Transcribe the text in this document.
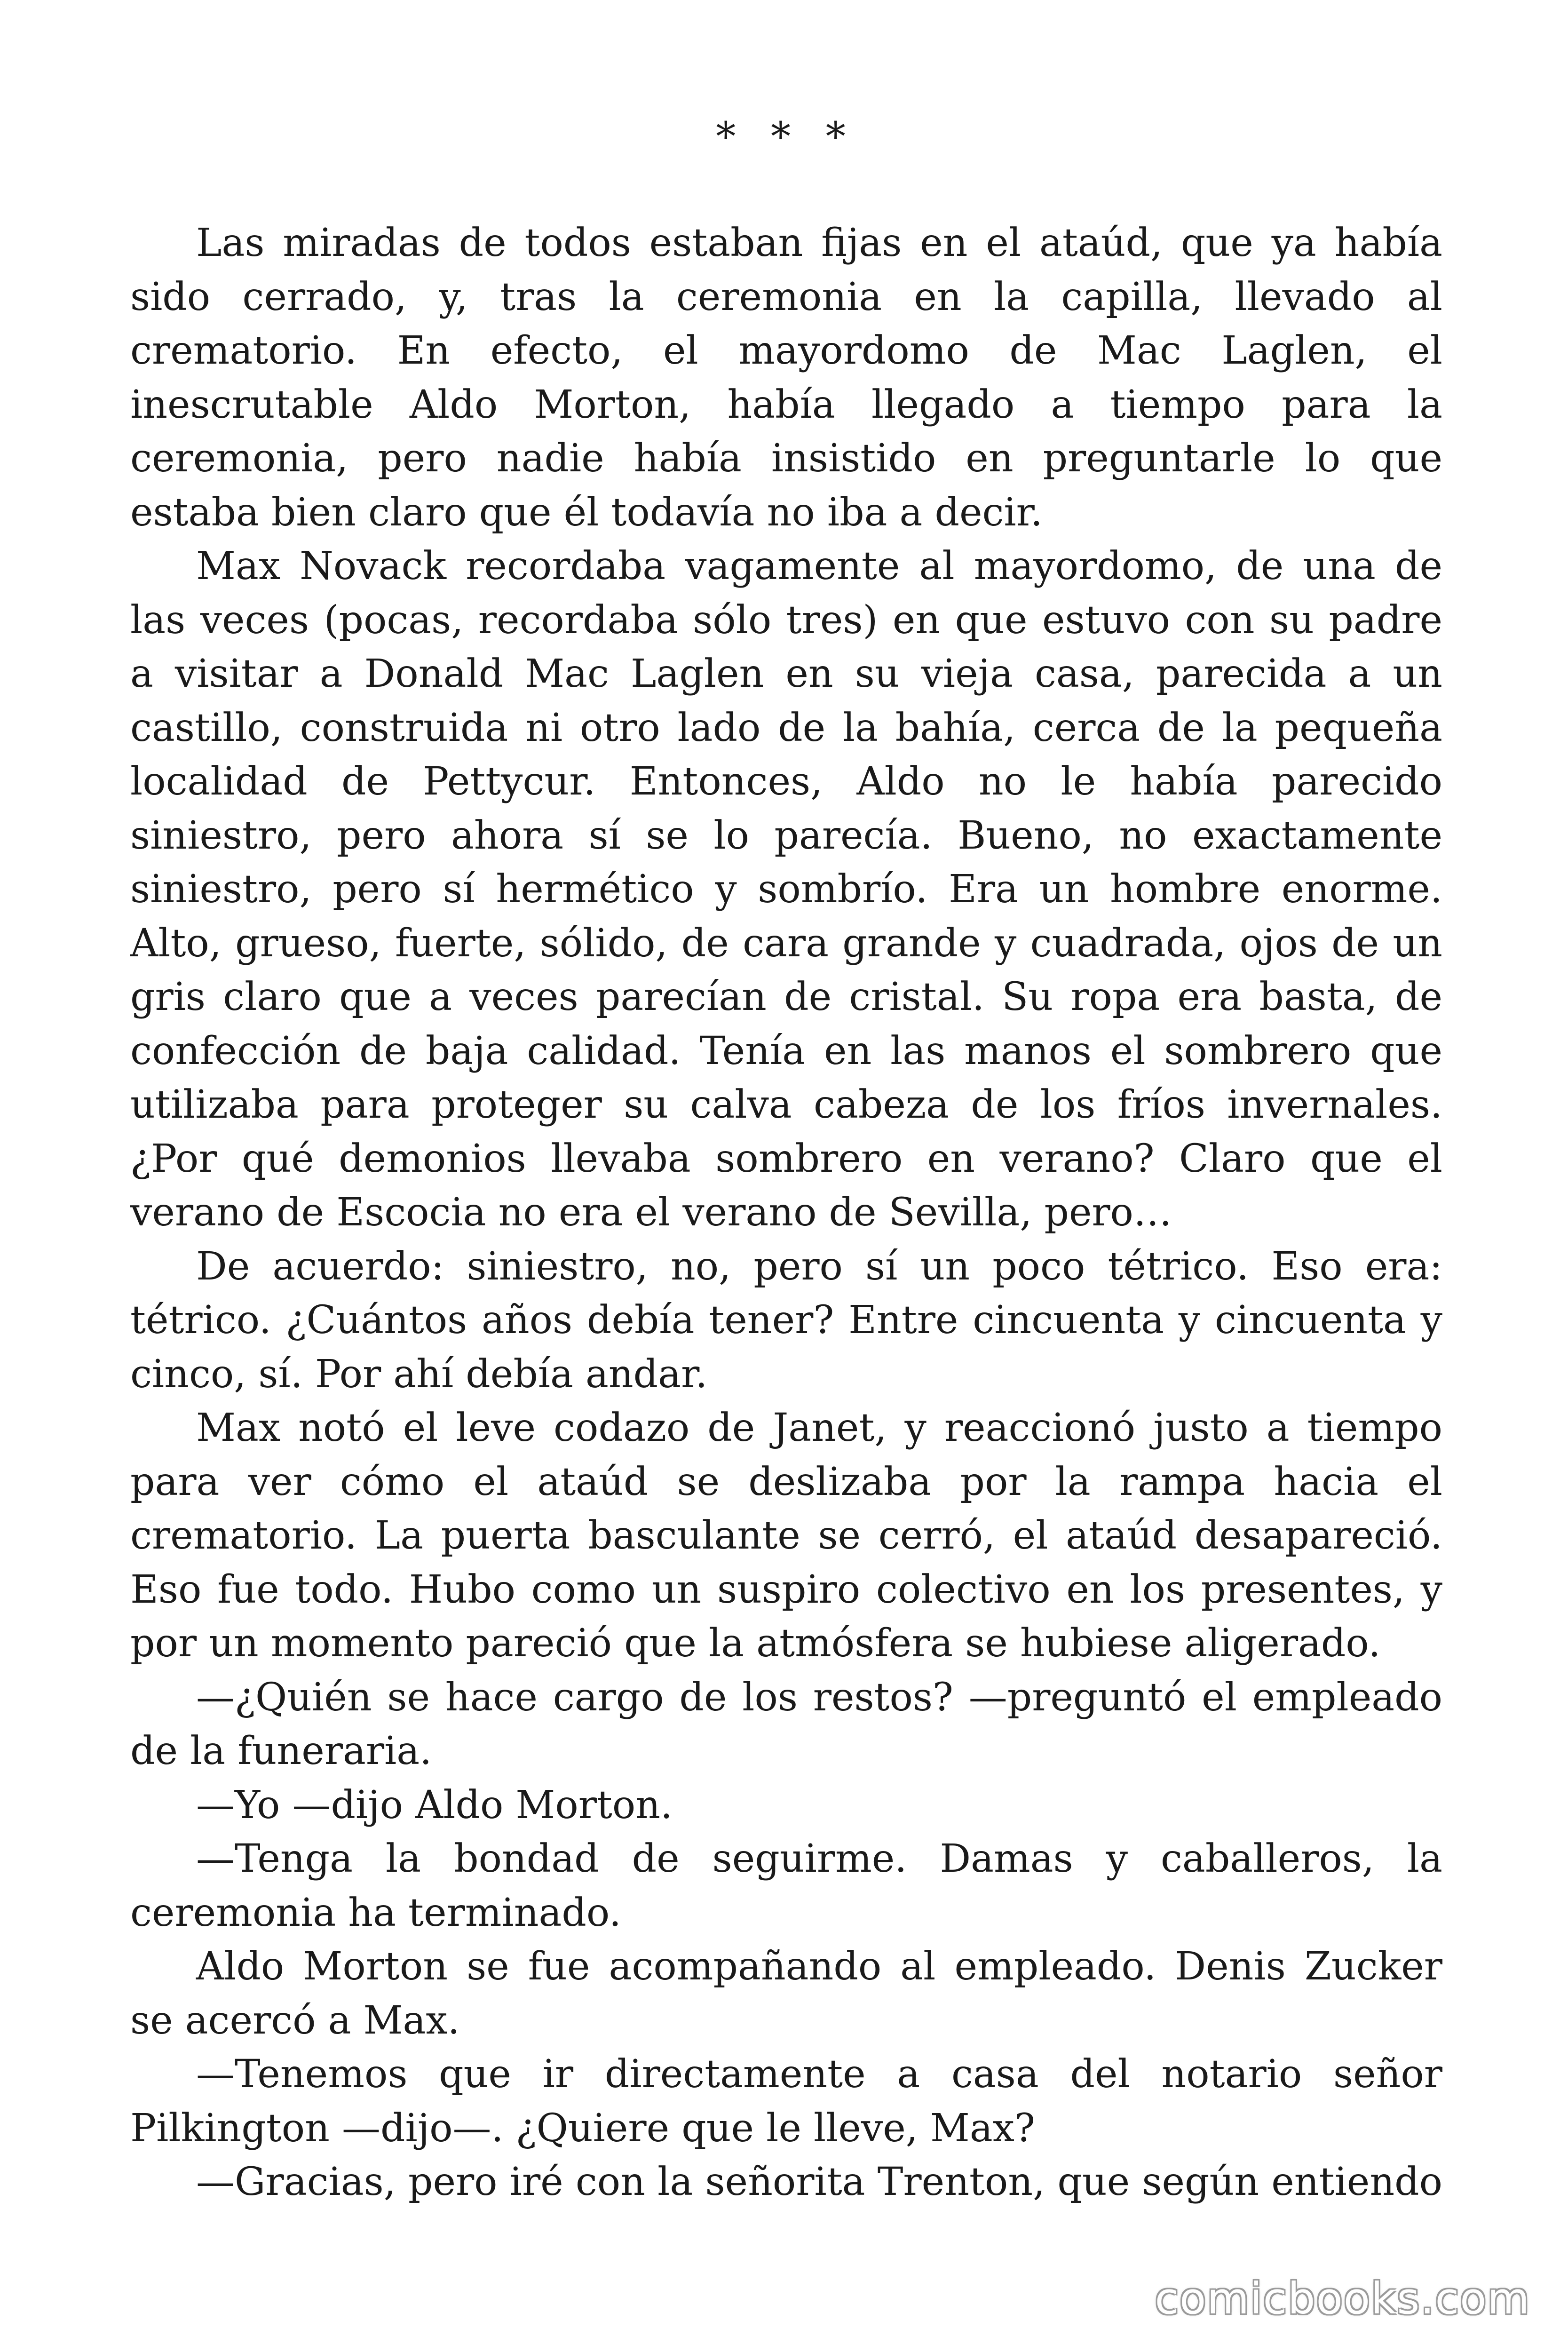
* * *

Las miradas de todos estaban fijas en el ataúd, que ya había sido cerrado, y, tras la ceremonia en la capilla, llevado al crematorio. En efecto, el mayordomo de Mac Laglen, el inescrutable Aldo Morton, había llegado a tiempo para la ceremonia, pero nadie había insistido en preguntarle lo que estaba bien claro que él todavía no iba a decir.

Max Novack recordaba vagamente al mayordomo, de una de las veces (pocas, recordaba sólo tres) en que estuvo con su padre a visitar a Donald Mac Laglen en su vieja casa, parecida a un castillo, construida ni otro lado de la bahía, cerca de la pequeña localidad de Pettycur. Entonces, Aldo no le había parecido siniestro, pero ahora sí se lo parecía. Bueno, no exactamente siniestro, pero sí hermético y sombrío. Era un hombre enorme. Alto, grueso, fuerte, sólido, de cara grande y cuadrada, ojos de un gris claro que a veces parecían de cristal. Su ropa era basta, de confección de baja calidad. Tenía en las manos el sombrero que utilizaba para proteger su calva cabeza de los fríos invernales. ¿Por qué demonios llevaba sombrero en verano? Claro que el verano de Escocia no era el verano de Sevilla, pero…

De acuerdo: siniestro, no, pero sí un poco tétrico. Eso era: tétrico. ¿Cuántos años debía tener? Entre cincuenta y cincuenta y cinco, sí. Por ahí debía andar.

Max notó el leve codazo de Janet, y reaccionó justo a tiempo para ver cómo el ataúd se deslizaba por la rampa hacia el crematorio. La puerta basculante se cerró, el ataúd desapareció. Eso fue todo. Hubo como un suspiro colectivo en los presentes, y por un momento pareció que la atmósfera se hubiese aligerado.

—¿Quién se hace cargo de los restos? —preguntó el empleado de la funeraria.

—Yo —dijo Aldo Morton.

—Tenga la bondad de seguirme. Damas y caballeros, la ceremonia ha terminado.

Aldo Morton se fue acompañando al empleado. Denis Zucker se acercó a Max.

—Tenemos que ir directamente a casa del notario señor Pilkington —dijo—. ¿Quiere que le lleve, Max?

—Gracias, pero iré con la señorita Trenton, que según entiendo

comicbooks.com
